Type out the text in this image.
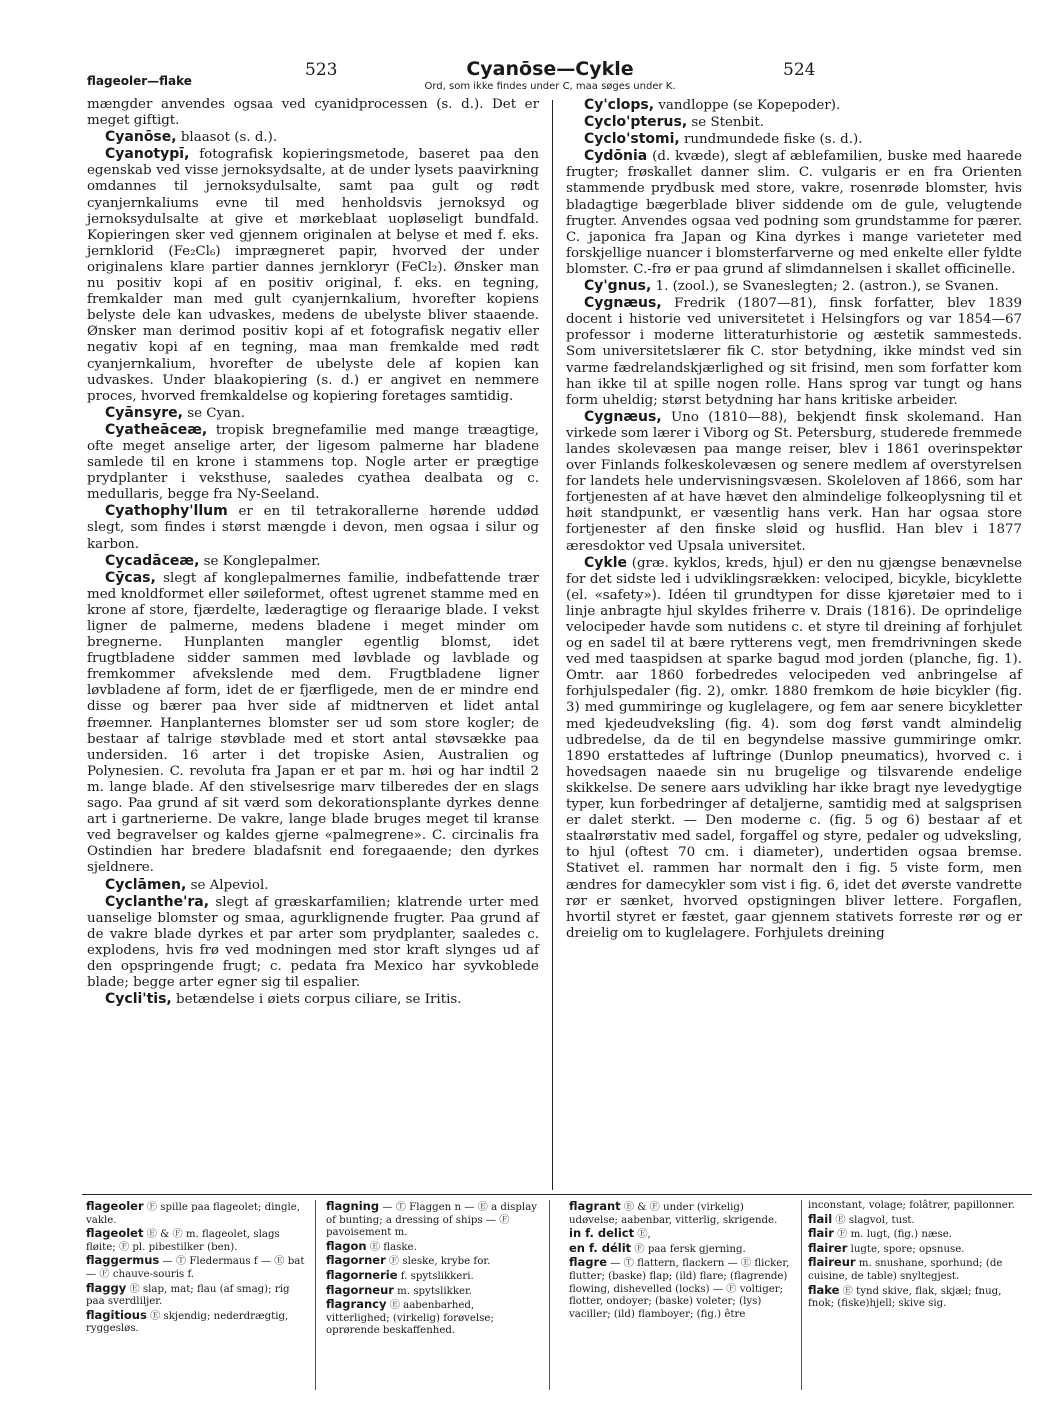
523	Cyanōse—Cykle	524
Ord, som ikke findes under C, maa søges under K.
flageoler—flake

mængder anvendes ogsaa ved cyanidprocessen (s. d.). Det er meget giftigt.

Cyanōse, blaasot (s. d.).

Cyanotypī, fotografisk kopieringsmetode, baseret paa den egenskab ved visse jernoksydsalte, at de under lysets paavirkning omdannes til jernoksydulsalte, samt paa gult og rødt cyanjernkaliums evne til med henholdsvis jernoksyd og jernoksydulsalte at give et mørkeblaat uopløseligt bundfald. Kopieringen sker ved gjennem originalen at belyse et med f. eks. jernklorid (Fe₂Cl₆) imprægneret papir, hvorved der under originalens klare partier dannes jernkloryr (FeCl₂). Ønsker man nu positiv kopi af en positiv original, f. eks. en tegning, fremkalder man med gult cyanjernkalium, hvorefter kopiens belyste dele kan udvaskes, medens de ubelyste bliver staaende. Ønsker man derimod positiv kopi af et fotografisk negativ eller negativ kopi af en tegning, maa man fremkalde med rødt cyanjernkalium, hvorefter de ubelyste dele af kopien kan udvaskes. Under blaakopiering (s. d.) er angivet en nemmere proces, hvorved fremkaldelse og kopiering foretages samtidig.

Cyānsyre, se Cyan.

Cyatheāceæ, tropisk bregnefamilie med mange træagtige, ofte meget anselige arter, der ligesom palmerne har bladene samlede til en krone i stammens top. Nogle arter er prægtige prydplanter i veksthuse, saaledes cyathea dealbata og c. medullaris, begge fra Ny-Seeland.

Cyathophy'llum er en til tetrakorallerne hørende uddød slegt, som findes i størst mængde i devon, men ogsaa i silur og karbon.

Cycadāceæ, se Konglepalmer.

Cȳcas, slegt af konglepalmernes familie, indbefattende trær med knoldformet eller søileformet, oftest ugrenet stamme med en krone af store, fjærdelte, læderagtige og fleraarige blade. I vekst ligner de palmerne, medens bladene i meget minder om bregnerne. Hunplanten mangler egentlig blomst, idet frugtbladene sidder sammen med løvblade og lavblade og fremkommer afvekslende med dem. Frugtbladene ligner løvbladene af form, idet de er fjærfligede, men de er mindre end disse og bærer paa hver side af midtnerven et lidet antal frøemner. Hanplanternes blomster ser ud som store kogler; de bestaar af talrige støvblade med et stort antal støvsække paa undersiden. 16 arter i det tropiske Asien, Australien og Polynesien. C. revoluta fra Japan er et par m. høi og har indtil 2 m. lange blade. Af den stivelsesrige marv tilberedes der en slags sago. Paa grund af sit værd som dekorationsplante dyrkes denne art i gartnerierne. De vakre, lange blade bruges meget til kranse ved begravelser og kaldes gjerne «palmegrene». C. circinalis fra Ostindien har bredere bladafsnit end foregaaende; den dyrkes sjeldnere.

Cyclāmen, se Alpeviol.

Cyclanthe'ra, slegt af græskarfamilien; klatrende urter med uanselige blomster og smaa, agurklignende frugter. Paa grund af de vakre blade dyrkes et par arter som prydplanter, saaledes c. explodens, hvis frø ved modningen med stor kraft slynges ud af den opspringende frugt; c. pedata fra Mexico har syvkoblede blade; begge arter egner sig til espalier.

Cycli'tis, betændelse i øiets corpus ciliare, se Iritis.

Cy'clops, vandloppe (se Kopepoder).

Cyclo'pterus, se Stenbit.

Cyclo'stomi, rundmundede fiske (s. d.).

Cydōnia (d. kvæde), slegt af æblefamilien, buske med haarede frugter; frøskallet danner slim. C. vulgaris er en fra Orienten stammende prydbusk med store, vakre, rosenrøde blomster, hvis bladagtige bægerblade bliver siddende om de gule, velugtende frugter. Anvendes ogsaa ved podning som grundstamme for pærer. C. japonica fra Japan og Kina dyrkes i mange varieteter med forskjellige nuancer i blomsterfarverne og med enkelte eller fyldte blomster. C.-frø er paa grund af slimdannelsen i skallet officinelle.

Cy'gnus, 1. (zool.), se Svaneslegten; 2. (astron.), se Svanen.

Cygnæus, Fredrik (1807—81), finsk forfatter, blev 1839 docent i historie ved universitetet i Helsingfors og var 1854—67 professor i moderne litteraturhistorie og æstetik sammesteds. Som universitetslærer fik C. stor betydning, ikke mindst ved sin varme fædrelandskjærlighed og sit frisind, men som forfatter kom han ikke til at spille nogen rolle. Hans sprog var tungt og hans form uheldig; størst betydning har hans kritiske arbeider.

Cygnæus, Uno (1810—88), bekjendt finsk skolemand. Han virkede som lærer i Viborg og St. Petersburg, studerede fremmede landes skolevæsen paa mange reiser, blev i 1861 overinspektør over Finlands folkeskolevæsen og senere medlem af overstyrelsen for landets hele undervisningsvæsen. Skoleloven af 1866, som har fortjenesten af at have hævet den almindelige folkeoplysning til et høit standpunkt, er væsentlig hans verk. Han har ogsaa store fortjenester af den finske sløid og husflid. Han blev i 1877 æresdoktor ved Upsala universitet.

Cykle (græ. kyklos, kreds, hjul) er den nu gjængse benævnelse for det sidste led i udviklingsrækken: velociped, bicykle, bicyklette (el. «safety»). Idéen til grundtypen for disse kjøretøier med to i linje anbragte hjul skyldes friherre v. Drais (1816). De oprindelige velocipeder havde som nutidens c. et styre til dreining af forhjulet og en sadel til at bære rytterens vegt, men fremdrivningen skede ved med taaspidsen at sparke bagud mod jorden (planche, fig. 1). Omtr. aar 1860 forbedredes velocipeden ved anbringelse af forhjulspedaler (fig. 2), omkr. 1880 fremkom de høie bicykler (fig. 3) med gummiringe og kuglelagere, og fem aar senere bicykletter med kjedeudveksling (fig. 4). som dog først vandt almindelig udbredelse, da de til en begyndelse massive gummiringe omkr. 1890 erstattedes af luftringe (Dunlop pneumatics), hvorved c. i hovedsagen naaede sin nu brugelige og tilsvarende endelige skikkelse. De senere aars udvikling har ikke bragt nye levedygtige typer, kun forbedringer af detaljerne, samtidig med at salgsprisen er dalet sterkt. — Den moderne c. (fig. 5 og 6) bestaar af et staalrørstativ med sadel, forgaffel og styre, pedaler og udveksling, to hjul (oftest 70 cm. i diameter), undertiden ogsaa bremse. Stativet el. rammen har normalt den i fig. 5 viste form, men ændres for damecykler som vist i fig. 6, idet det øverste vandrette rør er sænket, hvorved opstigningen bliver lettere. Forgaflen, hvortil styret er fæstet, gaar gjennem stativets forreste rør og er dreielig om to kuglelagere. Forhjulets dreining

flageoler Ⓕ spille paa flageolet; dingle, vakle.

flageolet Ⓔ & Ⓕ m. flageolet, slags fløite; Ⓕ pl. pibestilker (ben).

flaggermus — Ⓣ Fledermaus f — Ⓔ bat — Ⓕ chauve-souris f.

flaggy Ⓔ slap, mat; flau (af smag); rig paa sverdliljer.

flagitious Ⓔ skjendig; nederdrægtig, ryggesløs.

flagning — Ⓣ Flaggen n — Ⓔ a display of bunting; a dressing of ships — Ⓕ pavoisement m.

flagon Ⓔ flaske.

flagorner Ⓕ sleske, krybe for.

flagornerie f. spytslikkeri.

flagorneur m. spytslikker.

flagrancy Ⓔ aabenbarhed, vitterlighed; (virkelig) forøvelse; oprørende beskaffenhed.

flagrant Ⓔ & Ⓕ under (virkelig) udøvelse; aabenbar, vitterlig, skrigende.

in f. delict Ⓔ,

en f. délit Ⓕ paa fersk gjerning.

flagre — Ⓣ flattern, flackern — Ⓔ flicker, flutter; (baske) flap; (ild) flare; (flagrende) flowing, dishevelled (locks) — Ⓕ voltiger; flotter, ondoyer; (baske) voleter; (lys) vaciller; (ild) flamboyer; (fig.) être

inconstant, volage; folâtrer, papillonner.

flail Ⓔ slagvol, tust.

flair Ⓕ m. lugt, (fig.) næse.

flairer lugte, spore; opsnuse.

flaireur m. snushane, sporhund; (de cuisine, de table) snyltegjest.

flake Ⓔ tynd skive, flak, skjæl; fnug, fnok; (fiske)hjell; skive sig.
